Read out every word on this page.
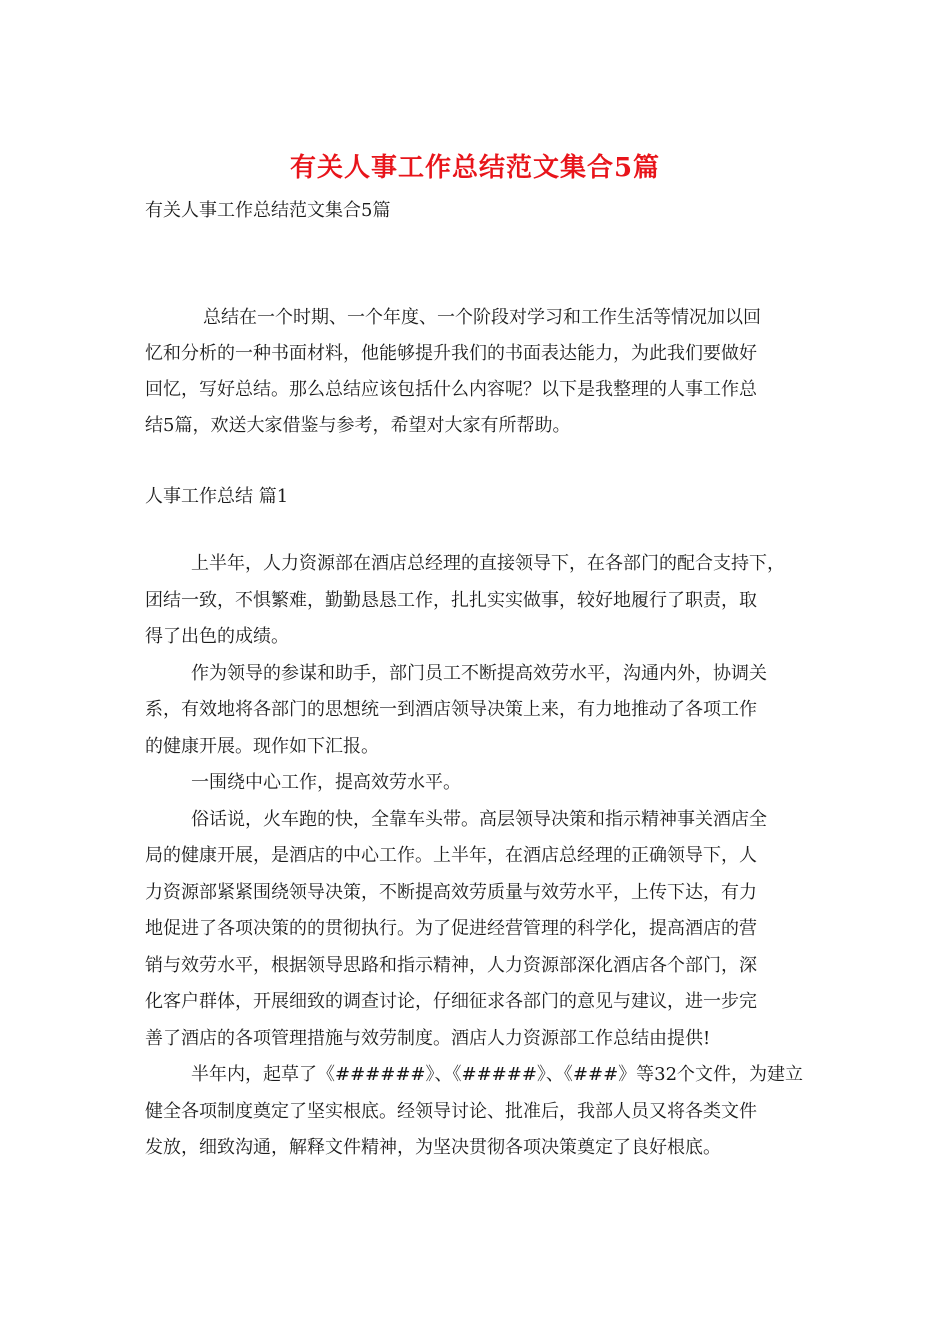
有关人事工作总结范文集合5篇

有关人事工作总结范文集合5篇

总结在一个时期、一个年度、一个阶段对学习和工作生活等情况加以回
忆和分析的一种书面材料，他能够提升我们的书面表达能力，为此我们要做好
回忆，写好总结。那么总结应该包括什么内容呢？以下是我整理的人事工作总
结5篇，欢送大家借鉴与参考，希望对大家有所帮助。

人事工作总结 篇1

上半年，人力资源部在酒店总经理的直接领导下，在各部门的配合支持下，
团结一致，不惧繁难，勤勤恳恳工作，扎扎实实做事，较好地履行了职责，取
得了出色的成绩。
作为领导的参谋和助手，部门员工不断提高效劳水平，沟通内外，协调关
系，有效地将各部门的思想统一到酒店领导决策上来，有力地推动了各项工作
的健康开展。现作如下汇报。
一围绕中心工作，提高效劳水平。
俗话说，火车跑的快，全靠车头带。高层领导决策和指示精神事关酒店全
局的健康开展，是酒店的中心工作。上半年，在酒店总经理的正确领导下，人
力资源部紧紧围绕领导决策，不断提高效劳质量与效劳水平，上传下达，有力
地促进了各项决策的的贯彻执行。为了促进经营管理的科学化，提高酒店的营
销与效劳水平，根据领导思路和指示精神，人力资源部深化酒店各个部门，深
化客户群体，开展细致的调查讨论，仔细征求各部门的意见与建议，进一步完
善了酒店的各项管理措施与效劳制度。酒店人力资源部工作总结由提供!
半年内，起草了《######》、《#####》、《###》等32个文件，为建立
健全各项制度奠定了坚实根底。经领导讨论、批准后，我部人员又将各类文件
发放，细致沟通，解释文件精神，为坚决贯彻各项决策奠定了良好根底。
